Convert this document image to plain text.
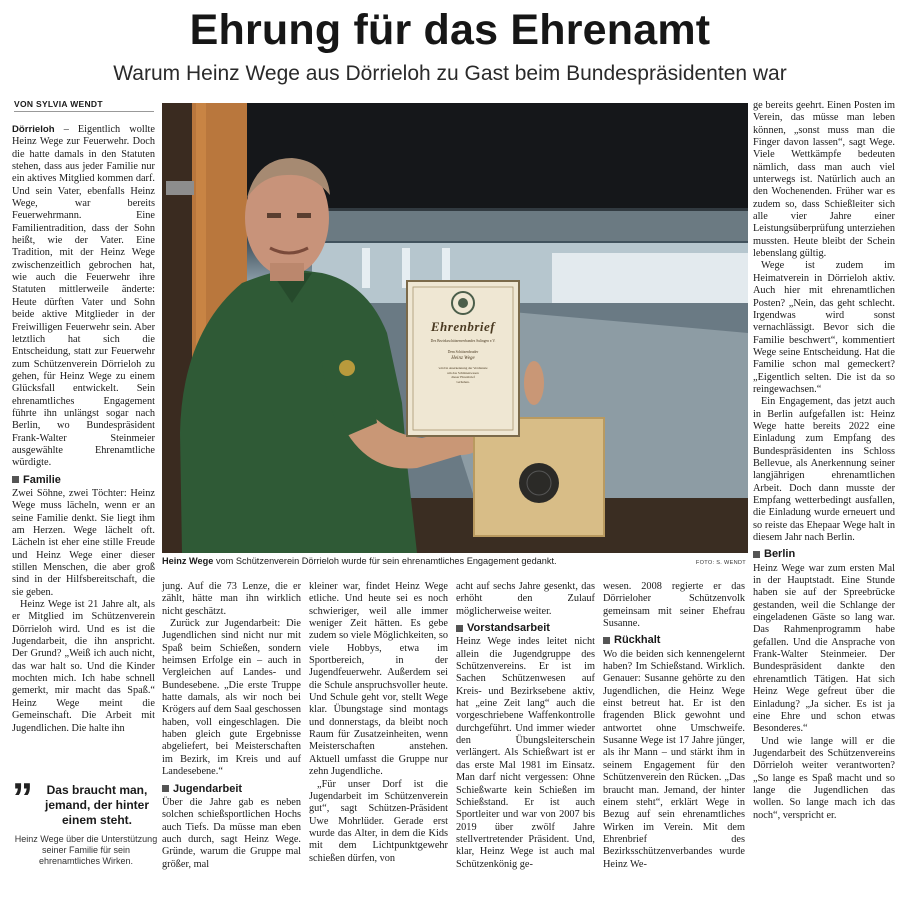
Ehrung für das Ehrenamt
Warum Heinz Wege aus Dörrieloh zu Gast beim Bundespräsidenten war
VON SYLVIA WENDT

Dörrieloh – Eigentlich wollte Heinz Wege zur Feuerwehr. Doch die hatte damals in den Statuten stehen, dass aus jeder Familie nur ein aktives Mitglied kommen darf. Und sein Vater, ebenfalls Heinz Wege, war bereits Feuerwehrmann. Eine Familientradition, dass der Sohn heißt, wie der Vater. Eine Tradition, mit der Heinz Wege zwischenzeitlich gebrochen hat, wie auch die Feuerwehr ihre Statuten mittlerweile änderte: Heute dürften Vater und Sohn beide aktive Mitglieder in der Freiwilligen Feuerwehr sein. Aber letztlich hat sich die Entscheidung, statt zur Feuerwehr zum Schützenverein Dörrieloh zu gehen, für Heinz Wege zu einem Glücksfall entwickelt. Sein ehrenamtliches Engagement führte ihn unlängst sogar nach Berlin, wo Bundespräsident Frank-Walter Steinmeier ausgewählte Ehrenamtliche würdigte.

Familie

Zwei Söhne, zwei Töchter: Heinz Wege muss lächeln, wenn er an seine Familie denkt. Sie liegt ihm am Herzen. Wege lächelt oft. Lächeln ist eher eine stille Freude und Heinz Wege einer dieser stillen Menschen, die aber groß sind in der Hilfsbereitschaft, die sie geben.

Heinz Wege ist 21 Jahre alt, als er Mitglied im Schützenverein Dörrieloh wird. Und es ist die Jugendarbeit, die ihn anspricht. Der Grund? „Weiß ich auch nicht, das war halt so. Und die Kinder mochten mich. Ich habe schnell gemerkt, mir macht das Spaß.“ Heinz Wege meint die Gemeinschaft. Die Arbeit mit Jugendlichen. Die halte ihn

”	Das braucht man, jemand, der hinter einem steht.
Heinz Wege über die Unterstützung seiner Familie für sein ehrenamtliches Wirken.
Ehrenbrief
Des Bezirksschützenverbandes Sulingen e.V.
Dem Schützenbruder
Heinz Wege
wird in Anerkennung der Verdienste
um das Schützenwesen
dieser Ehrenbrief
verliehen.
Heinz Wege vom Schützenverein Dörrieloh wurde für sein ehrenamtliches Engagement gedankt.	FOTO: S. WENDT

jung. Auf die 73 Lenze, die er zählt, hätte man ihn wirklich nicht geschätzt.

Zurück zur Jugendarbeit: Die Jugendlichen sind nicht nur mit Spaß beim Schießen, sondern heimsen Erfolge ein – auch in Vergleichen auf Landes- und Bundesebene. „Die erste Truppe hatte damals, als wir noch bei Krögers auf dem Saal geschossen haben, voll eingeschlagen. Die haben gleich gute Ergebnisse abgeliefert, bei Meisterschaften im Bezirk, im Kreis und auf Landesebene.“

Jugendarbeit

Über die Jahre gab es neben solchen schießsportlichen Hochs auch Tiefs. Da müsse man eben auch durch, sagt Heinz Wege. Gründe, warum die Gruppe mal größer, mal

kleiner war, findet Heinz Wege etliche. Und heute sei es noch schwieriger, weil alle immer weniger Zeit hätten. Es gebe zudem so viele Möglichkeiten, so viele Hobbys, etwa im Sportbereich, in der Jugendfeuerwehr. Außerdem sei die Schule anspruchsvoller heute. Und Schule geht vor, stellt Wege klar. Übungstage sind montags und donnerstags, da bleibt noch Raum für Zusatzeinheiten, wenn Meisterschaften anstehen. Aktuell umfasst die Gruppe nur zehn Jugendliche.

„Für unser Dorf ist die Jugendarbeit im Schützenverein gut“, sagt Schützen-Präsident Uwe Mohrlüder. Gerade erst wurde das Alter, in dem die Kids mit dem Lichtpunktgewehr schießen dürfen, von

acht auf sechs Jahre gesenkt, das erhöht den Zulauf möglicherweise weiter.

Vorstandsarbeit

Heinz Wege indes leitet nicht allein die Jugendgruppe des Schützenvereins. Er ist im Sachen Schützenwesen auf Kreis- und Bezirksebene aktiv, hat „eine Zeit lang“ auch die vorgeschriebene Waffenkontrolle durchgeführt. Und immer wieder den Übungsleiterschein verlängert. Als Schießwart ist er das erste Mal 1981 im Einsatz. Man darf nicht vergessen: Ohne Schießwarte kein Schießen im Schießstand. Er ist auch Sportleiter und war von 2007 bis 2019 über zwölf Jahre stellvertretender Präsident. Und, klar, Heinz Wege ist auch mal Schützenkönig ge-

wesen. 2008 regierte er das Dörrieloher Schützenvolk gemeinsam mit seiner Ehefrau Susanne.

Rückhalt

Wo die beiden sich kennengelernt haben? Im Schießstand. Wirklich. Genauer: Susanne gehörte zu den Jugendlichen, die Heinz Wege einst betreut hat. Er ist den fragenden Blick gewohnt und antwortet ohne Umschweife. Susanne Wege ist 17 Jahre jünger, als ihr Mann – und stärkt ihm in seinem Engagement für den Schützenverein den Rücken. „Das braucht man. Jemand, der hinter einem steht“, erklärt Wege in Bezug auf sein ehrenamtliches Wirken im Verein. Mit dem Ehrenbrief des Bezirksschützenverbandes wurde Heinz We-

ge bereits geehrt. Einen Posten im Verein, das müsse man leben können, „sonst muss man die Finger davon lassen“, sagt Wege. Viele Wettkämpfe bedeuten nämlich, dass man auch viel unterwegs ist. Natürlich auch an den Wochenenden. Früher war es zudem so, dass Schießleiter sich alle vier Jahre einer Leistungsüberprüfung unterziehen mussten. Heute bleibt der Schein lebenslang gültig.

Wege ist zudem im Heimatverein in Dörrieloh aktiv. Auch hier mit ehrenamtlichen Posten? „Nein, das geht schlecht. Irgendwas wird sonst vernachlässigt. Bevor sich die Familie beschwert“, kommentiert Wege seine Entscheidung. Hat die Familie schon mal gemeckert? „Eigentlich selten. Die ist da so reingewachsen.“

Ein Engagement, das jetzt auch in Berlin aufgefallen ist: Heinz Wege hatte bereits 2022 eine Einladung zum Empfang des Bundespräsidenten ins Schloss Bellevue, als Anerkennung seiner langjährigen ehrenamtlichen Arbeit. Doch dann musste der Empfang wetterbedingt ausfallen, die Einladung wurde erneuert und so reiste das Ehepaar Wege halt in diesem Jahr nach Berlin.

Berlin

Heinz Wege war zum ersten Mal in der Hauptstadt. Eine Stunde haben sie auf der Spreebrücke gestanden, weil die Schlange der eingeladenen Gäste so lang war. Das Rahmenprogramm habe gefallen. Und die Ansprache von Frank-Walter Steinmeier. Der Bundespräsident dankte den ehrenamtlich Tätigen. Hat sich Heinz Wege gefreut über die Einladung? „Ja sicher. Es ist ja eine Ehre und schon etwas Besonderes.“

Und wie lange will er die Jugendarbeit des Schützenvereins Dörrieloh weiter verantworten? „So lange es Spaß macht und so lange die Jugendlichen das wollen. So lange mach ich das noch“, verspricht er.
